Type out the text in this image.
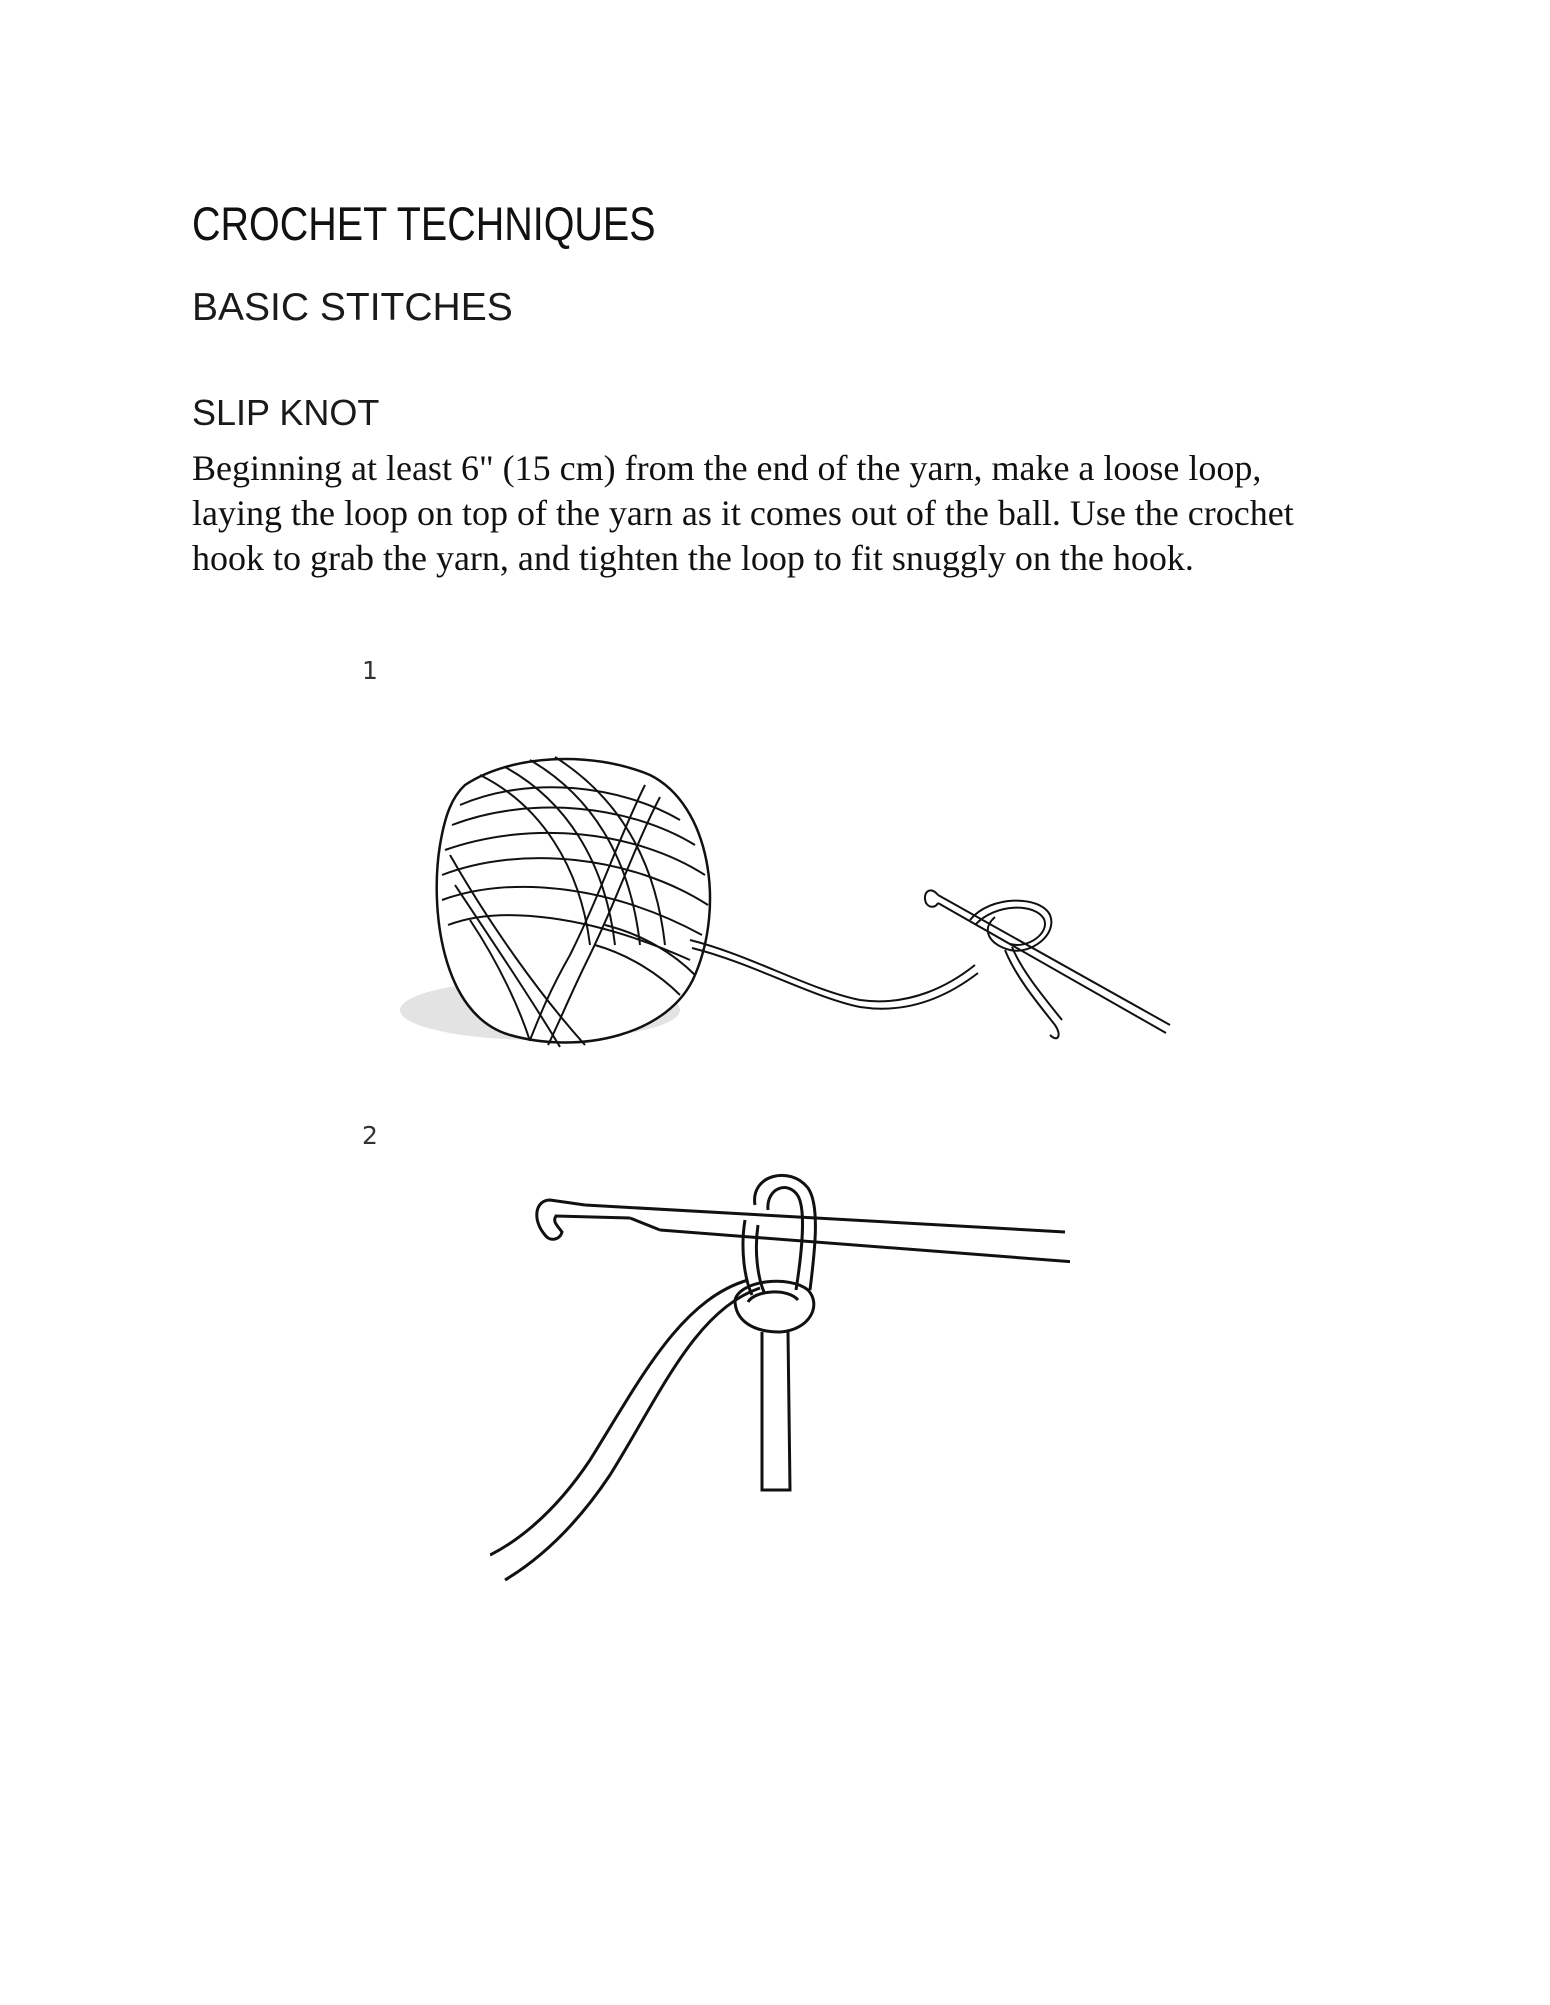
CROCHET TECHNIQUES
BASIC STITCHES
SLIP KNOT
Beginning at least 6" (15 cm) from the end of the yarn, make a loose loop, laying the loop on top of the yarn as it comes out of the ball. Use the crochet hook to grab the yarn, and tighten the loop to fit snuggly on the hook.
1
2
